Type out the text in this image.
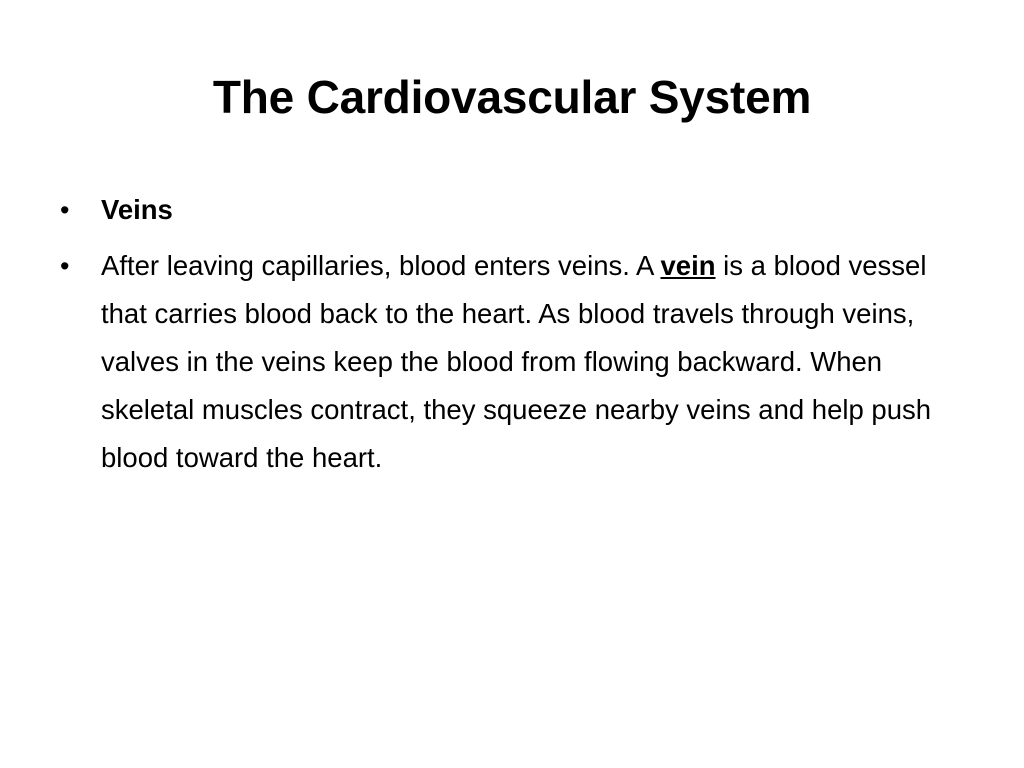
The Cardiovascular System
•	Veins
•	After leaving capillaries, blood enters veins. A vein is a blood vessel that carries blood back to the heart. As blood travels through veins, valves in the veins keep the blood from flowing backward. When skeletal muscles contract, they squeeze nearby veins and help push blood toward the heart.
